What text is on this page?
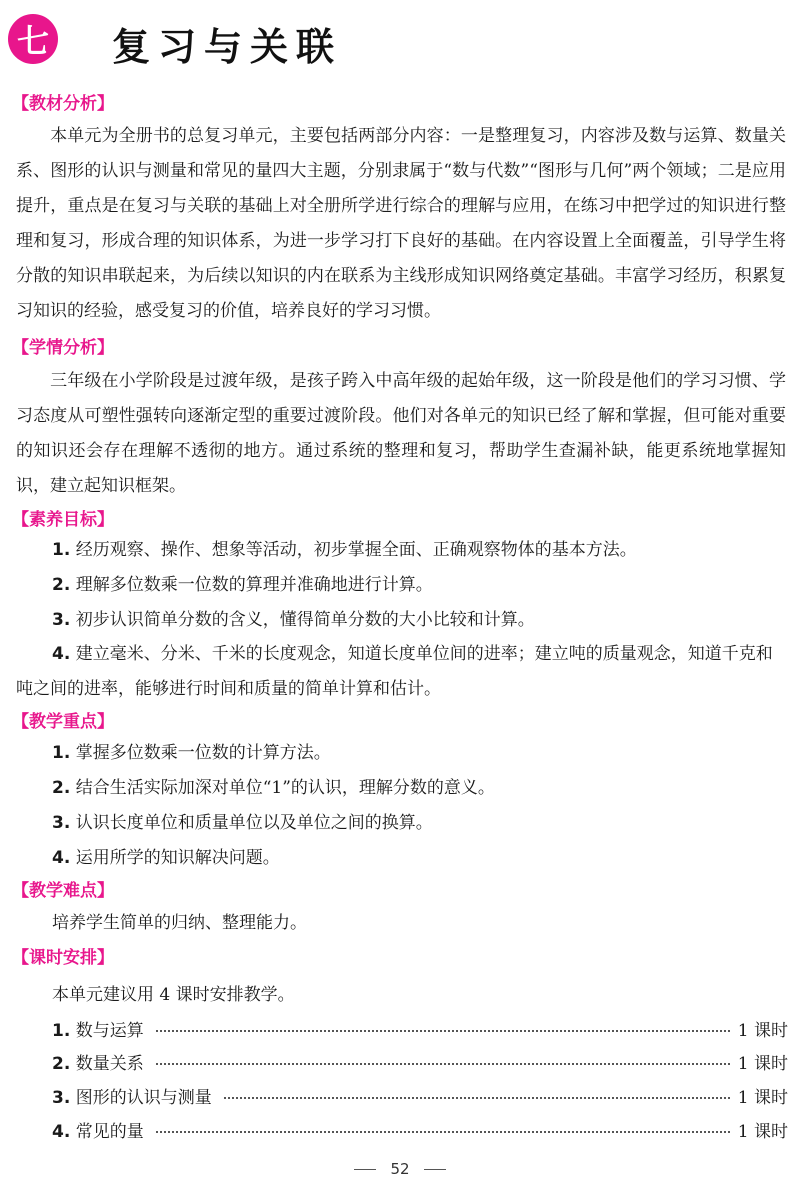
七 复习与关联
【教材分析】
本单元为全册书的总复习单元，主要包括两部分内容：一是整理复习，内容涉及数与运算、数量关系、图形的认识与测量和常见的量四大主题，分别隶属于“数与代数”“图形与几何”两个领域；二是应用提升，重点是在复习与关联的基础上对全册所学进行综合的理解与应用，在练习中把学过的知识进行整理和复习，形成合理的知识体系，为进一步学习打下良好的基础。在内容设置上全面覆盖，引导学生将分散的知识串联起来，为后续以知识的内在联系为主线形成知识网络奠定基础。丰富学习经历，积累复习知识的经验，感受复习的价值，培养良好的学习习惯。
【学情分析】
三年级在小学阶段是过渡年级，是孩子跨入中高年级的起始年级，这一阶段是他们的学习习惯、学习态度从可塑性强转向逐渐定型的重要过渡阶段。他们对各单元的知识已经了解和掌握，但可能对重要的知识还会存在理解不透彻的地方。通过系统的整理和复习，帮助学生查漏补缺，能更系统地掌握知识，建立起知识框架。
【素养目标】
1. 经历观察、操作、想象等活动，初步掌握全面、正确观察物体的基本方法。
2. 理解多位数乘一位数的算理并准确地进行计算。
3. 初步认识简单分数的含义，懂得简单分数的大小比较和计算。
4. 建立毫米、分米、千米的长度观念，知道长度单位间的进率；建立吨的质量观念，知道千克和吨之间的进率，能够进行时间和质量的简单计算和估计。
【教学重点】
1. 掌握多位数乘一位数的计算方法。
2. 结合生活实际加深对单位“1”的认识，理解分数的意义。
3. 认识长度单位和质量单位以及单位之间的换算。
4. 运用所学的知识解决问题。
【教学难点】
培养学生简单的归纳、整理能力。
【课时安排】
本单元建议用 4 课时安排教学。
1. 数与运算	1 课时
2. 数量关系	1 课时
3. 图形的认识与测量	1 课时
4. 常见的量	1 课时
52
